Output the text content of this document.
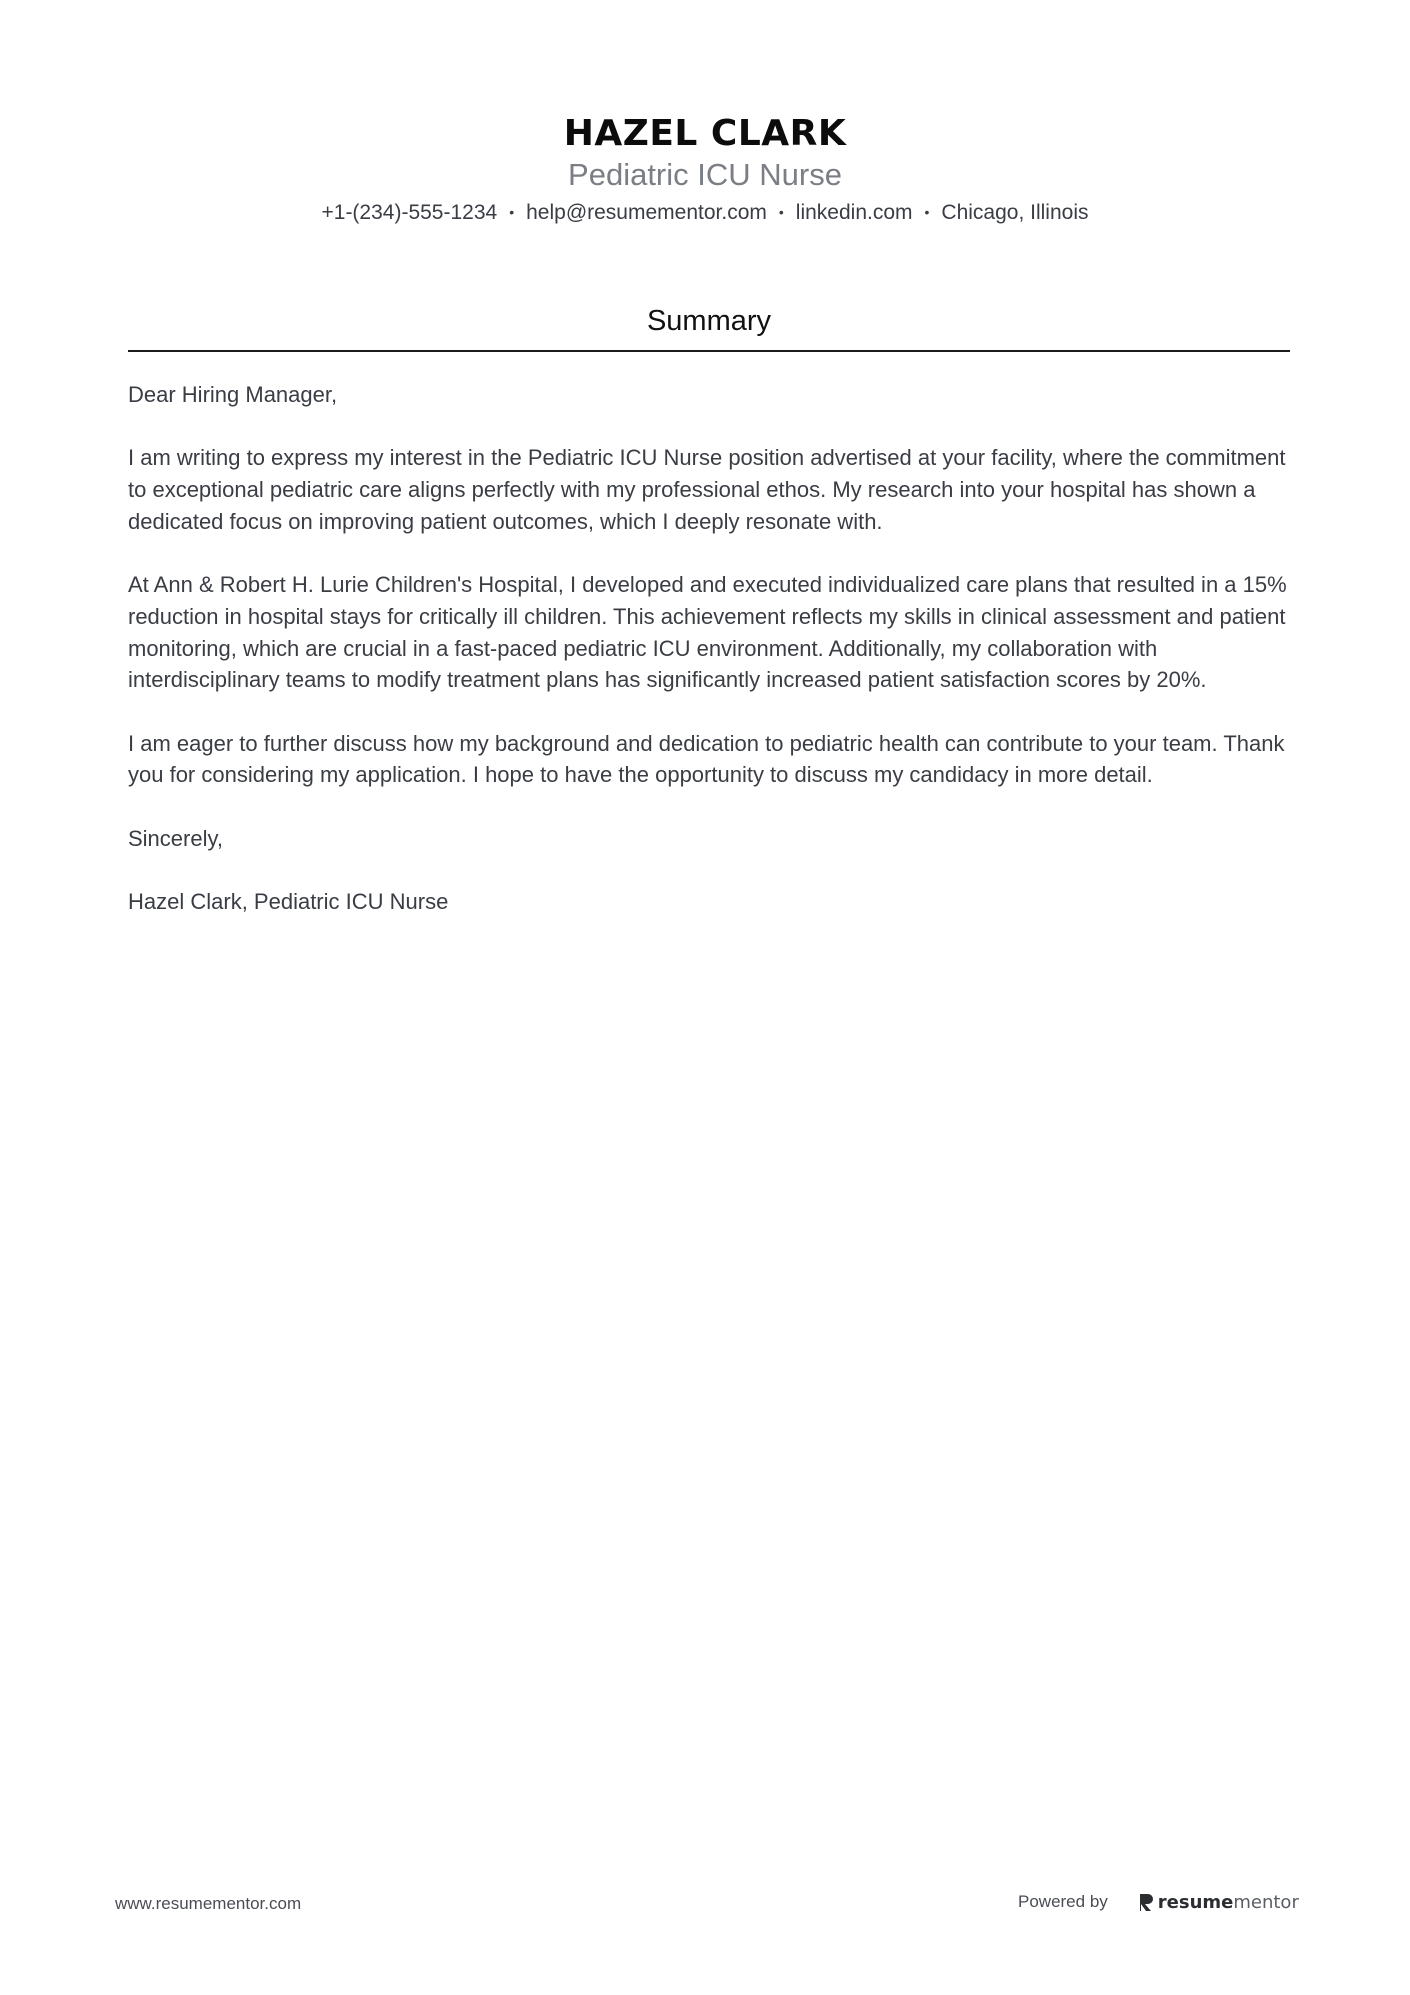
HAZEL CLARK
Pediatric ICU Nurse
+1-(234)-555-1234 • help@resumementor.com • linkedin.com • Chicago, Illinois
Summary

Dear Hiring Manager,

I am writing to express my interest in the Pediatric ICU Nurse position advertised at your facility, where the commitment to exceptional pediatric care aligns perfectly with my professional ethos. My research into your hospital has shown a dedicated focus on improving patient outcomes, which I deeply resonate with.

At Ann & Robert H. Lurie Children's Hospital, I developed and executed individualized care plans that resulted in a 15% reduction in hospital stays for critically ill children. This achievement reflects my skills in clinical assessment and patient monitoring, which are crucial in a fast-paced pediatric ICU environment. Additionally, my collaboration with interdisciplinary teams to modify treatment plans has significantly increased patient satisfaction scores by 20%.

I am eager to further discuss how my background and dedication to pediatric health can contribute to your team. Thank you for considering my application. I hope to have the opportunity to discuss my candidacy in more detail.

Sincerely,

Hazel Clark, Pediatric ICU Nurse

www.resumementor.com	Powered by	resume mentor
